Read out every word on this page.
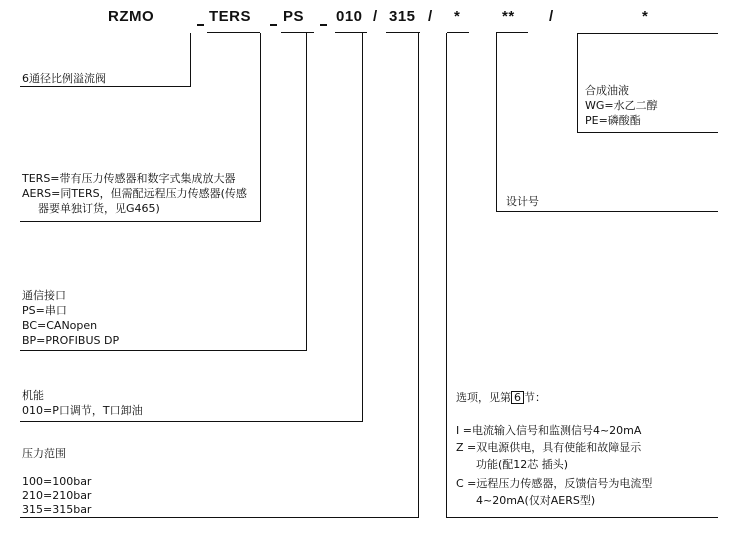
RZMO	TERS PS 010 / 315 / *	** /	*
6通径比例溢流阀
合成油液
WG=水乙二醇
PE=磷酸酯
设计号
TERS=带有压力传感器和数字式集成放大器
AERS=同TERS，但需配远程压力传感器(传感
器要单独订货，见G465)
通信接口
PS=串口
BC=CANopen
BP=PROFIBUS DP
机能
010=P口调节，T口卸油
压力范围
100=100bar
210=210bar
315=315bar
选项，见第 6 节：
I =电流输入信号和监测信号4~20mA
Z =双电源供电，具有使能和故障显示
功能(配12芯 插头)
C =远程压力传感器，反馈信号为电流型
4~20mA(仅对AERS型)
